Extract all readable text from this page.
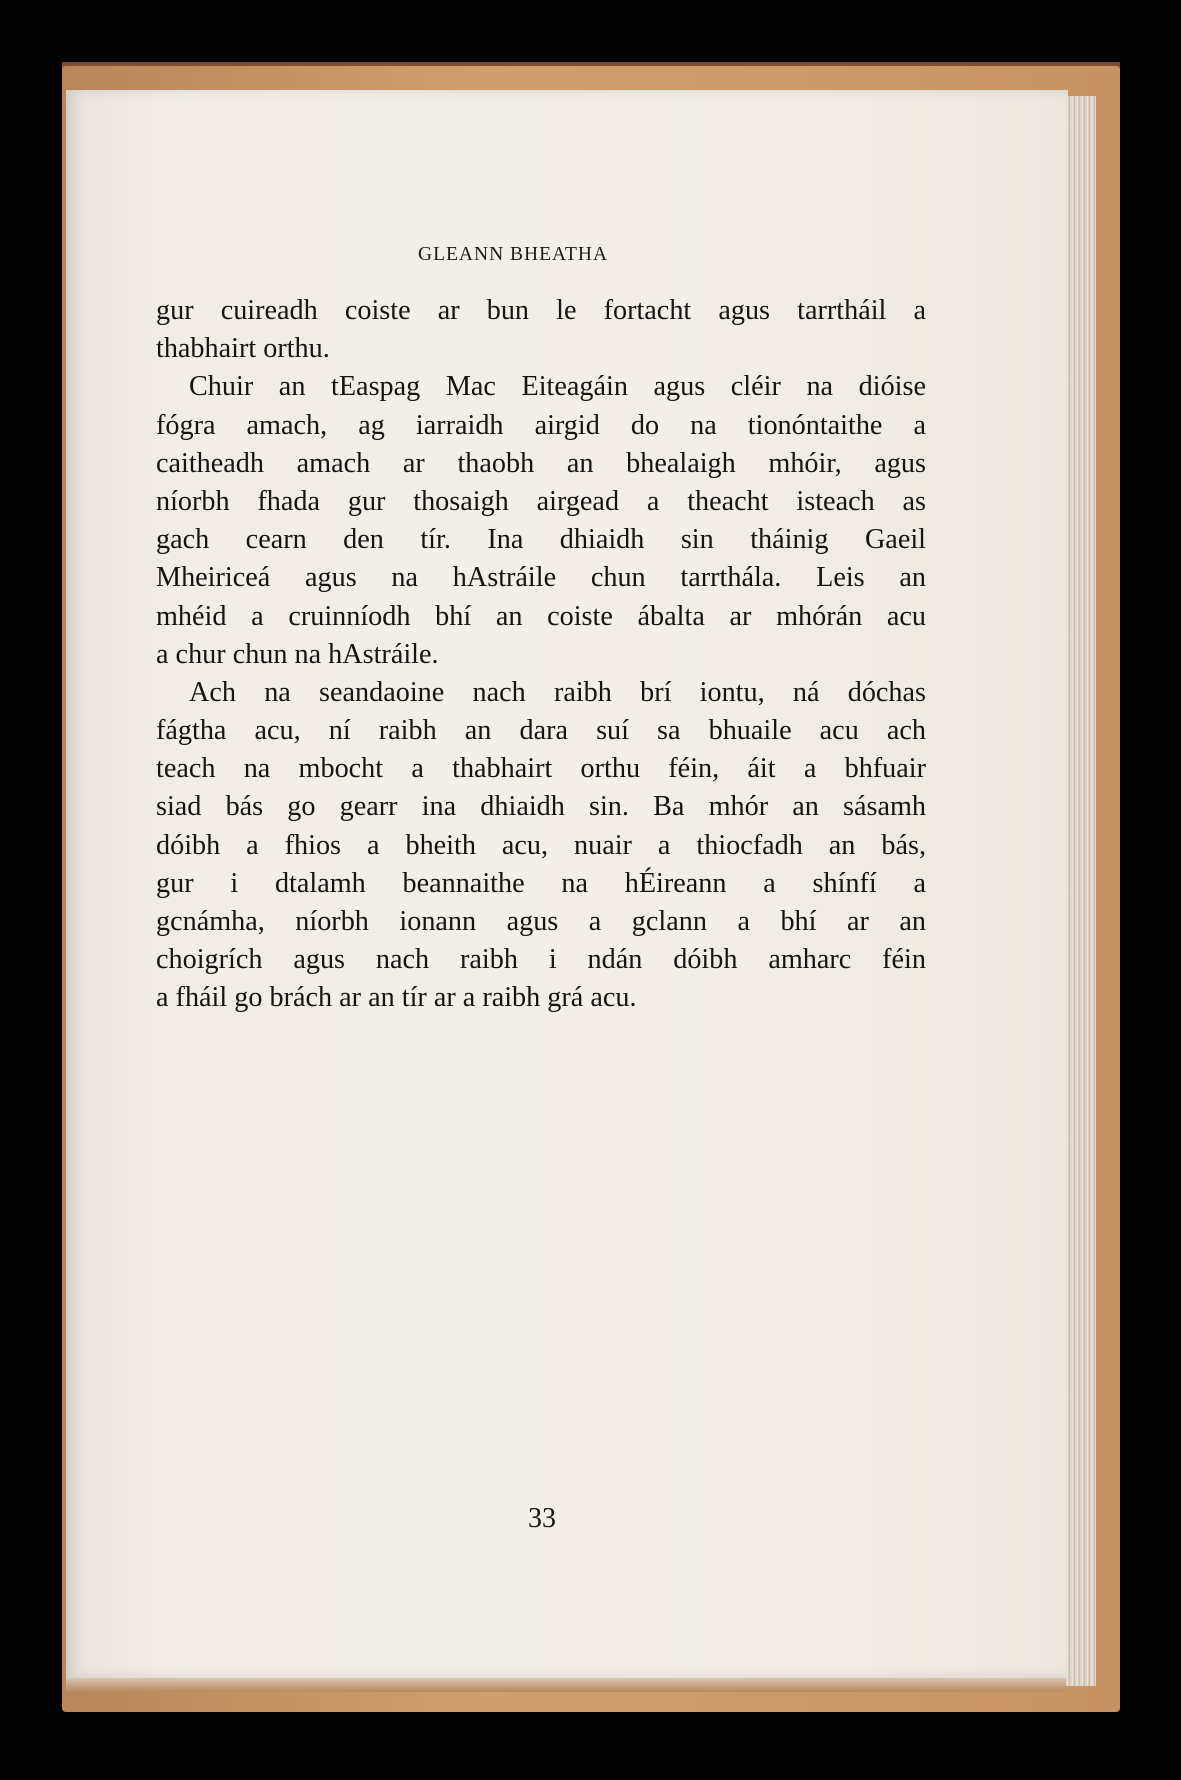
GLEANN BHEATHA
gur cuireadh coiste ar bun le fortacht agus tarrtháil a
thabhairt orthu.
Chuir an tEaspag Mac Eiteagáin agus cléir na dióise
fógra amach, ag iarraidh airgid do na tionóntaithe a
caitheadh amach ar thaobh an bhealaigh mhóir, agus
níorbh fhada gur thosaigh airgead a theacht isteach as
gach cearn den tír. Ina dhiaidh sin tháinig Gaeil
Mheiriceá agus na hAstráile chun tarrthála. Leis an
mhéid a cruinníodh bhí an coiste ábalta ar mhórán acu
a chur chun na hAstráile.
Ach na seandaoine nach raibh brí iontu, ná dóchas
fágtha acu, ní raibh an dara suí sa bhuaile acu ach
teach na mbocht a thabhairt orthu féin, áit a bhfuair
siad bás go gearr ina dhiaidh sin. Ba mhór an sásamh
dóibh a fhios a bheith acu, nuair a thiocfadh an bás,
gur i dtalamh beannaithe na hÉireann a shínfí a
gcnámha, níorbh ionann agus a gclann a bhí ar an
choigrích agus nach raibh i ndán dóibh amharc féin
a fháil go brách ar an tír ar a raibh grá acu.
33
